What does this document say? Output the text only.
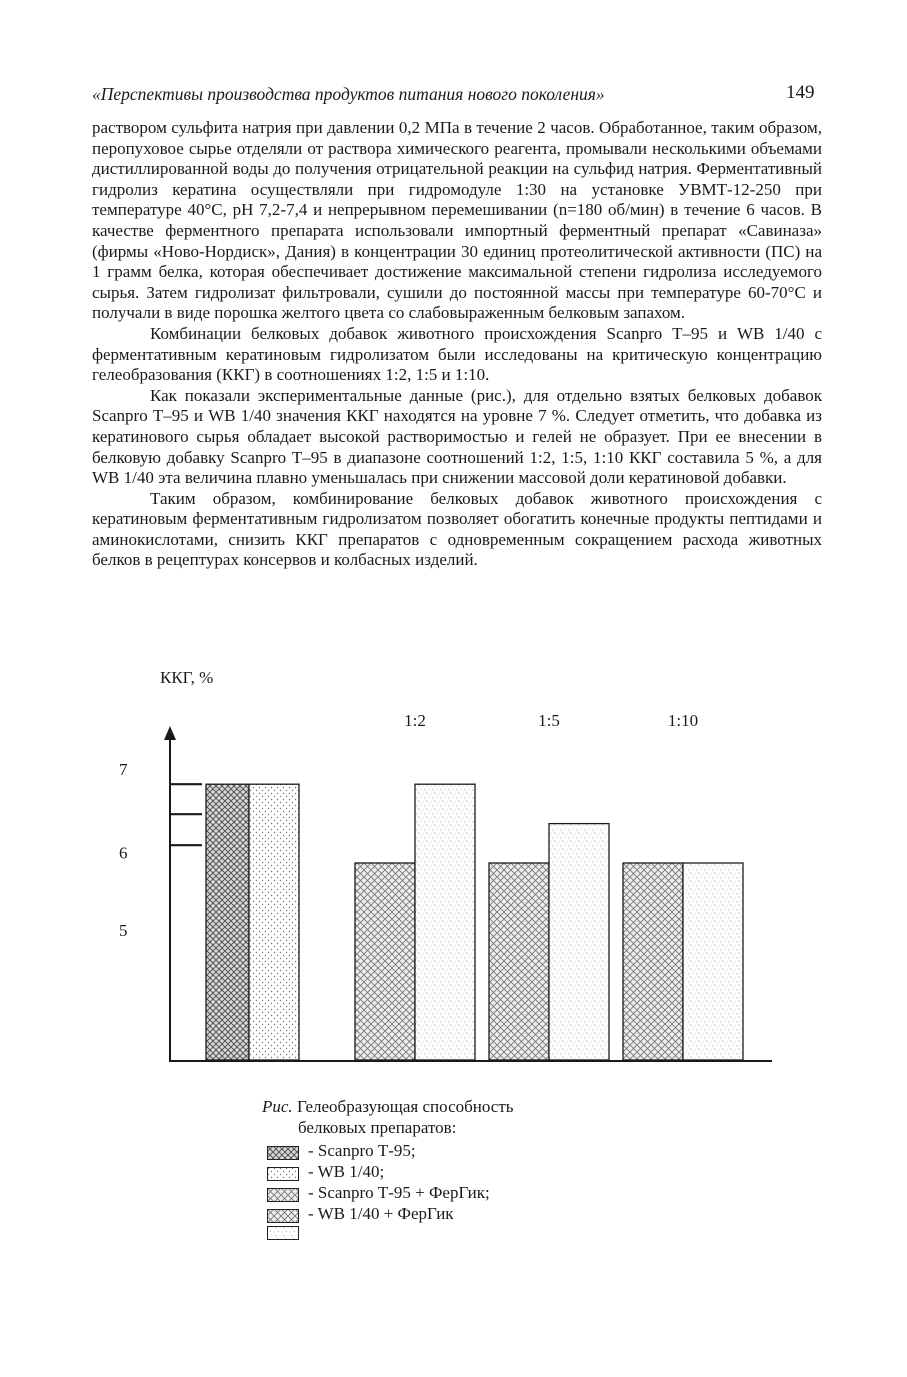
«Перспективы производства продуктов питания нового поколения»	149

раствором сульфита натрия при давлении 0,2 МПа в течение 2 часов. Обработанное, таким образом, перопуховое сырье отделяли от раствора химического реагента, промывали несколькими объемами дистиллированной воды до получения отрицательной реакции на сульфид натрия. Ферментативный гидролиз кератина осуществляли при гидромодуле 1:30 на установке УВМТ-12-250 при температуре 40°С, рН 7,2-7,4 и непрерывном перемешивании (n=180 об/мин) в течение 6 часов. В качестве ферментного препарата использовали импортный ферментный препарат «Савиназа» (фирмы «Ново-Нордиск», Дания) в концентрации 30 единиц протеолитической активности (ПС) на 1 грамм белка, которая обеспечивает достижение максимальной степени гидролиза исследуемого сырья. Затем гидролизат фильтровали, сушили до постоянной массы при температуре 60-70°С и получали в виде порошка желтого цвета со слабовыраженным белковым запахом.

Комбинации белковых добавок животного происхождения Scanpro Т–95 и WB 1/40 с ферментативным кератиновым гидролизатом были исследованы на критическую концентрацию гелеобразования (ККГ) в соотношениях 1:2, 1:5 и 1:10.

Как показали экспериментальные данные (рис.), для отдельно взятых белковых добавок Scanpro Т–95 и WB 1/40 значения ККГ находятся на уровне 7 %. Следует отметить, что добавка из кератинового сырья обладает высокой растворимостью и гелей не образует. При ее внесении в белковую добавку Scanpro Т–95 в диапазоне соотношений 1:2, 1:5, 1:10 ККГ составила 5 %, а для WB 1/40 эта величина плавно уменьшалась при снижении массовой доли кератиновой добавки.

Таким образом, комбинирование белковых добавок животного происхождения с кератиновым ферментативным гидролизатом позволяет обогатить конечные продукты пептидами и аминокислотами, снизить ККГ препаратов с одновременным сокращением расхода животных белков в рецептурах консервов и колбасных изделий.

ККГ, %
7
6
5
1:2	1:5	1:10
Рис. Гелеобразующая способность
белковых препаратов:
- Scanpro Т-95;
- WB 1/40;
- Scanpro Т-95 + ФерГик;
- WB 1/40 + ФерГик
